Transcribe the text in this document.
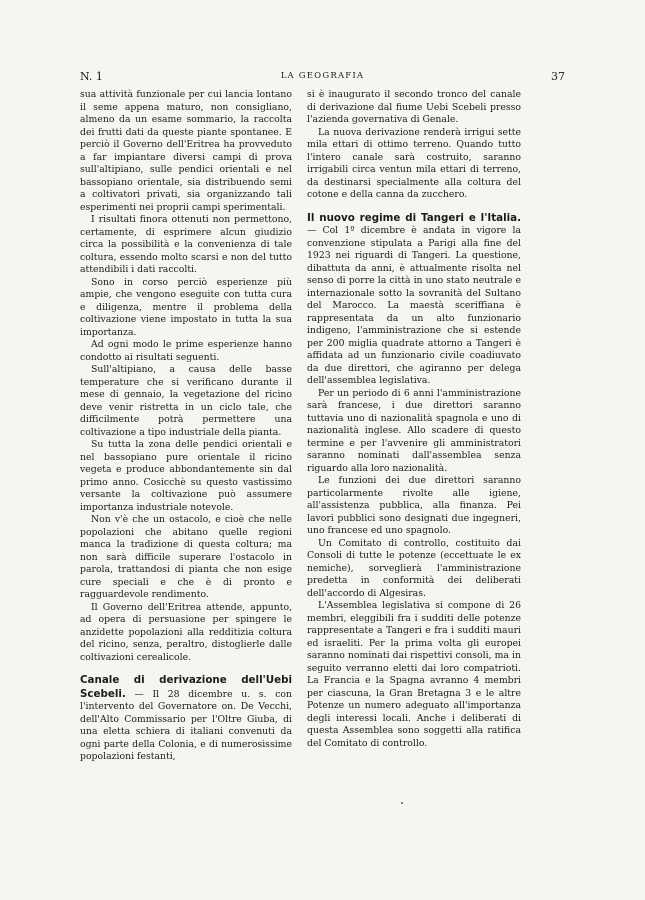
N. 1	LA GEOGRAFIA	37

sua attività funzionale per cui lancia lontano il seme appena maturo, non consigliano, almeno da un esame sommario, la raccolta dei frutti dati da queste piante spontanee. E perciò il Governo dell'Eritrea ha provveduto a far impiantare diversi campi di prova sull'altipiano, sulle pendici orientali e nel bassopiano orientale, sia distribuendo semi a coltivatori privati, sia organizzando tali esperimenti nei proprii campi sperimentali.

I risultati finora ottenuti non permettono, certamente, di esprimere alcun giudizio circa la possibilità e la convenienza di tale coltura, essendo molto scarsi e non del tutto attendibili i dati raccolti.

Sono in corso perciò esperienze più ampie, che vengono eseguite con tutta cura e diligenza, mentre il problema della coltivazione viene impostato in tutta la sua importanza.

Ad ogni modo le prime esperienze hanno condotto ai risultati seguenti.

Sull'altipiano, a causa delle basse temperature che si verificano durante il mese di gennaio, la vegetazione del ricino deve venir ristretta in un ciclo tale, che difficilmente potrà permettere una coltivazione a tipo industriale della pianta.

Su tutta la zona delle pendici orientali e nel bassopiano pure orientale il ricino vegeta e produce abbondantemente sin dal primo anno. Cosicchè su questo vastissimo versante la coltivazione può assumere importanza industriale notevole.

Non v'è che un ostacolo, e cioè che nelle popolazioni che abitano quelle regioni manca la tradizione di questa coltura; ma non sarà difficile superare l'ostacolo in parola, trattandosi di pianta che non esige cure speciali e che è di pronto e ragguardevole rendimento.

Il Governo dell'Eritrea attende, appunto, ad opera di persuasione per spingere le anzidette popolazioni alla redditizia coltura del ricino, senza, peraltro, distoglierle dalle coltivazioni cerealicole.

Canale di derivazione dell'Uebi Scebeli. — Il 28 dicembre u. s. con l'intervento del Governatore on. De Vecchi, dell'Alto Commissario per l'Oltre Giuba, di una eletta schiera di italiani convenuti da ogni parte della Colonia, e di numerosissime popolazioni festanti,

si è inaugurato il secondo tronco del canale di derivazione dal fiume Uebi Scebeli presso l'azienda governativa di Genale.

La nuova derivazione renderà irrigui sette mila ettari di ottimo terreno. Quando tutto l'intero canale sarà costruito, saranno irrigabili circa ventun mila ettari di terreno, da destinarsi specialmente alla coltura del cotone e della canna da zucchero.

Il nuovo regime di Tangeri e l'Italia. — Col 1º dicembre è andata in vigore la convenzione stipulata a Parigi alla fine del 1923 nei riguardi di Tangeri. La questione, dibattuta da anni, è attualmente risolta nel senso di porre la città in uno stato neutrale e internazionale sotto la sovranità del Sultano del Marocco. La maestà sceriffiana è rappresentata da un alto funzionario indigeno, l'amministrazione che si estende per 200 miglia quadrate attorno a Tangeri è affidata ad un funzionario civile coadiuvato da due direttori, che agiranno per delega dell'assemblea legislativa.

Per un periodo di 6 anni l'amministrazione sarà francese, i due direttori saranno tuttavia uno di nazionalità spagnola e uno di nazionalità inglese. Allo scadere di questo termine e per l'avvenire gli amministratori saranno nominati dall'assemblea senza riguardo alla loro nazionalità.

Le funzioni dei due direttori saranno particolarmente rivolte alle igiene, all'assistenza pubblica, alla finanza. Pei lavori pubblici sono designati due ingegneri, uno francese ed uno spagnolo.

Un Comitato di controllo, costituito dai Consoli di tutte le potenze (eccettuate le ex nemiche), sorveglierà l'amministrazione predetta in conformità dei deliberati dell'accordo di Algesiras.

L'Assemblea legislativa si compone di 26 membri, eleggibili fra i sudditi delle potenze rappresentate a Tangeri e fra i sudditi mauri ed israeliti. Per la prima volta gli europei saranno nominati dai rispettivi consoli, ma in seguito verranno eletti dai loro compatrioti. La Francia e la Spagna avranno 4 membri per ciascuna, la Gran Bretagna 3 e le altre Potenze un numero adeguato all'importanza degli interessi locali. Anche i deliberati di questa Assemblea sono soggetti alla ratifica del Comitato di controllo.
